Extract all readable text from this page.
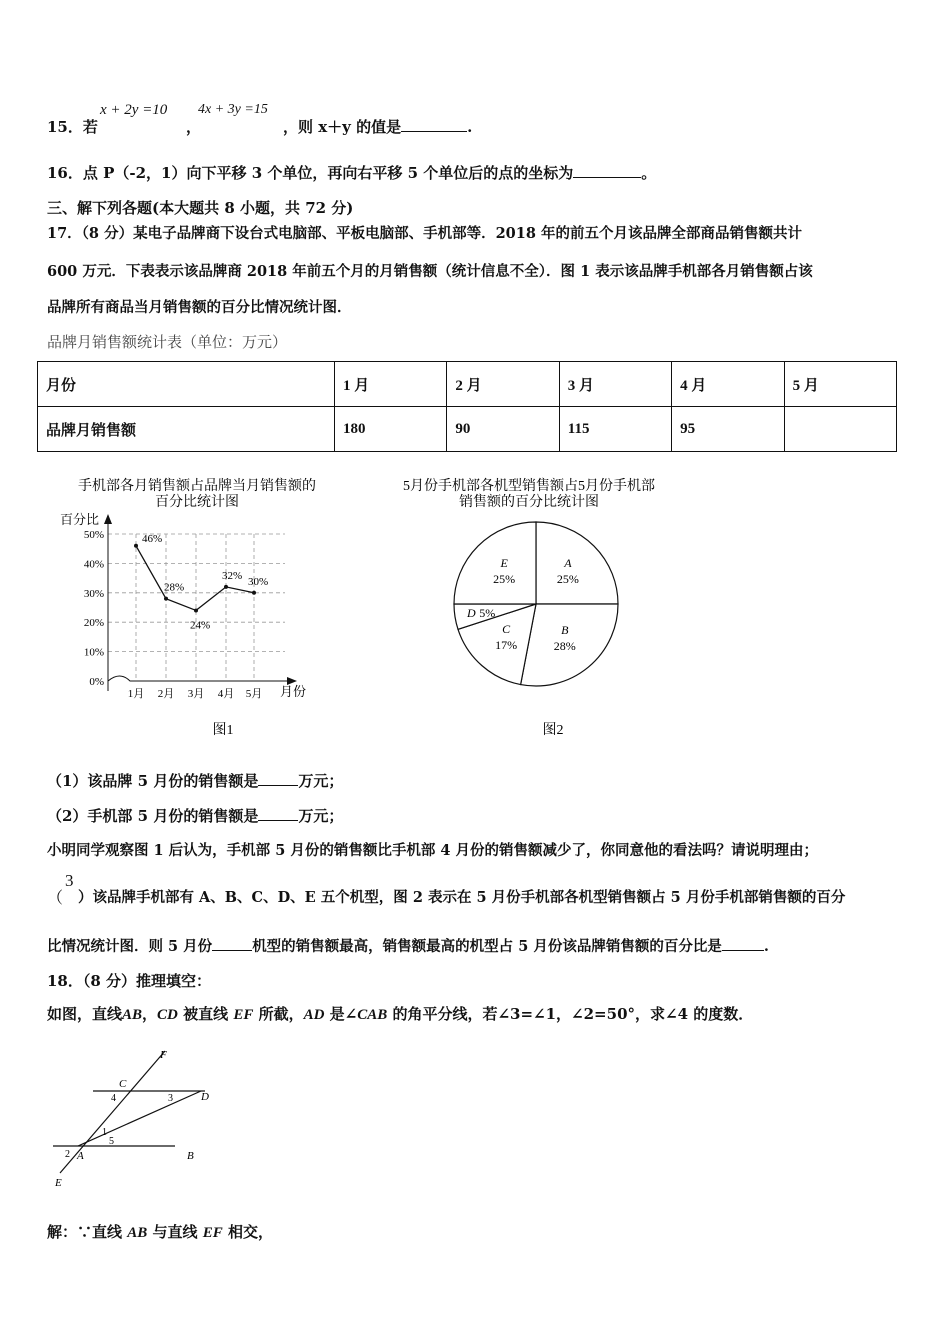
15．若
x + 2y =10
，
4x + 3y =15
，则 x＋y 的值是	.
16．点 P（-2，1）向下平移 3 个单位，再向右平移 5 个单位后的点的坐标为	。
三、解下列各题(本大题共 8 小题，共 72 分)
17．（8 分）某电子品牌商下设台式电脑部、平板电脑部、手机部等．2018 年的前五个月该品牌全部商品销售额共计
600 万元．下表表示该品牌商 2018 年前五个月的月销售额（统计信息不全）．图 1 表示该品牌手机部各月销售额占该
品牌所有商品当月销售额的百分比情况统计图．
品牌月销售额统计表（单位：万元）
月份	1 月	2 月	3 月	4 月	5 月
品牌月销售额	180	90	115	95	
手机部各月销售额占品牌当月销售额的
百分比统计图
百分比
月份
图1
0%
10%
20%
30%
40%
50%
1月 2月 3月 4月 5月
46%
28%
24%
32% 30%
5月份手机部各机型销售额占5月份手机部
销售额的百分比统计图
图2
A
25%
B
28%
C
17%
D 5%
E
25%
（1）该品牌 5 月份的销售额是	万元；
（2）手机部 5 月份的销售额是	万元；
小明同学观察图 1 后认为，手机部 5 月份的销售额比手机部 4 月份的销售额减少了，你同意他的看法吗？请说明理由；
（
3
）该品牌手机部有 A、B、C、D、E 五个机型，图 2 表示在 5 月份手机部各机型销售额占 5 月份手机部销售额的百分
比情况统计图．则 5 月份	机型的销售额最高，销售额最高的机型占 5 月份该品牌销售额的百分比是	.
18．（8 分）推理填空：
如图，直线AB，CD 被直线 EF 所截，AD 是∠CAB 的角平分线，若∠3=∠1，∠2=50°，求∠4 的度数．
F
C
D
A	B
E
1
2
3
4
5
解：∵直线 AB 与直线 EF 相交，
